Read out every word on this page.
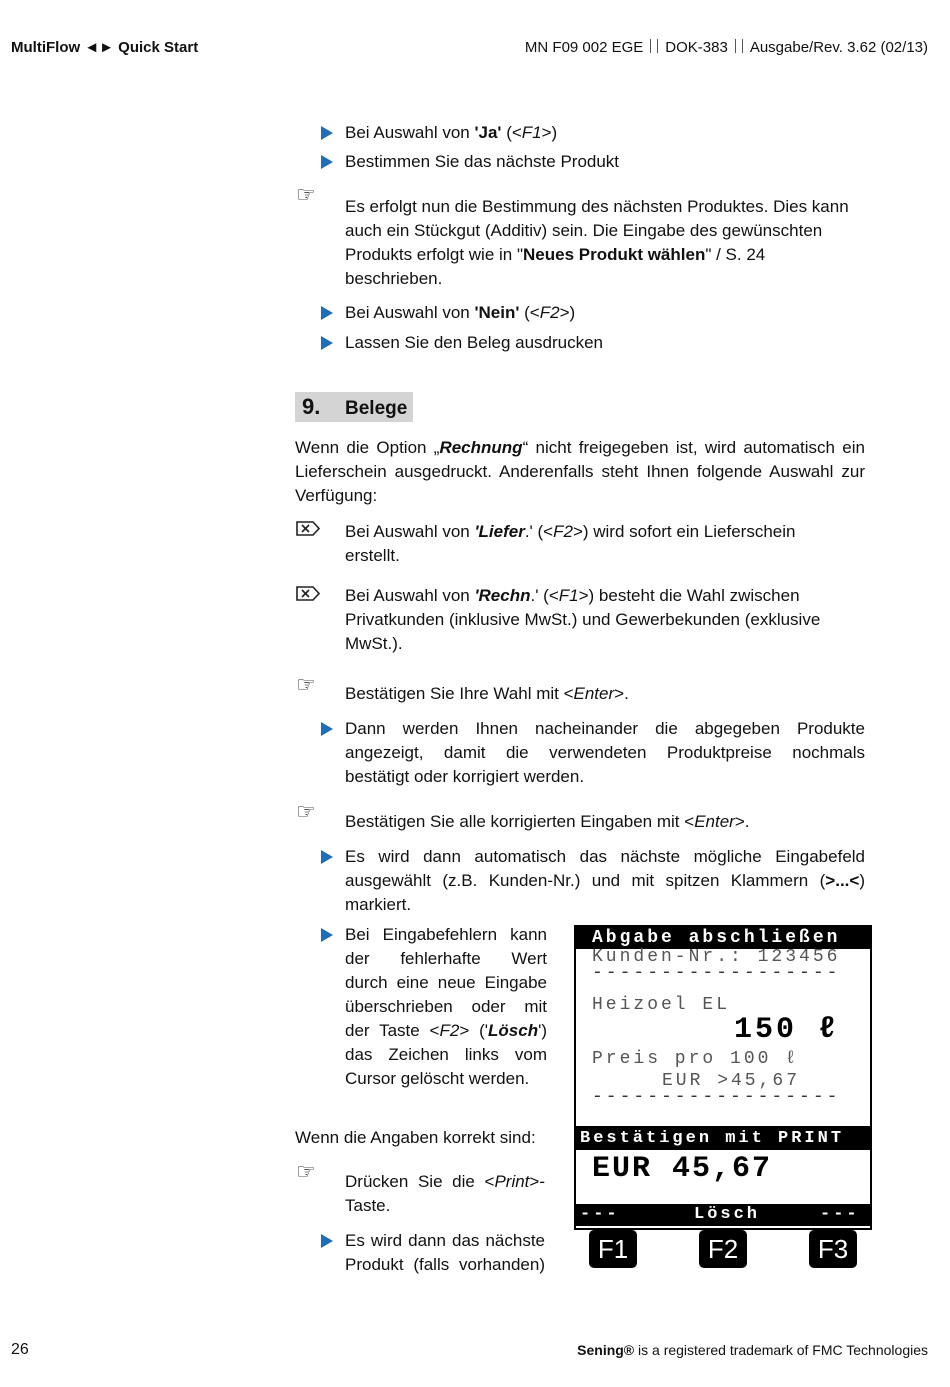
MultiFlow ◄► Quick Start	MN F09 002 EGE DOK-383 Ausgabe/Rev. 3.62 (02/13)
Bei Auswahl von 'Ja' (<F1>)
Bestimmen Sie das nächste Produkt
☞ Es erfolgt nun die Bestimmung des nächsten Produktes. Dies kann
auch ein Stückgut (Additiv) sein. Die Eingabe des gewünschten
Produkts erfolgt wie in "Neues Produkt wählen" / S. 24
beschrieben.
Bei Auswahl von 'Nein' (<F2>)
Lassen Sie den Beleg ausdrucken
9. Belege
Wenn die Option „Rechnung“ nicht freigegeben ist, wird automatisch ein
Lieferschein ausgedruckt. Anderenfalls steht Ihnen folgende Auswahl zur
Verfügung:
Bei Auswahl von 'Liefer.' (<F2>) wird sofort ein Lieferschein
erstellt.
Bei Auswahl von 'Rechn.' (<F1>) besteht die Wahl zwischen
Privatkunden (inklusive MwSt.) und Gewerbekunden (exklusive
MwSt.).
☞ Bestätigen Sie Ihre Wahl mit <Enter>.
Dann werden Ihnen nacheinander die abgegeben Produkte
angezeigt, damit die verwendeten Produktpreise nochmals
bestätigt oder korrigiert werden.
☞ Bestätigen Sie alle korrigierten Eingaben mit <Enter>.
Es wird dann automatisch das nächste mögliche Eingabefeld
ausgewählt (z.B. Kunden-Nr.) und mit spitzen Klammern (>...<)
markiert.
Bei Eingabefehlern kann
der fehlerhafte Wert
durch eine neue Eingabe
überschrieben oder mit
der Taste <F2> ('Lösch')
das Zeichen links vom
Cursor gelöscht werden.
Wenn die Angaben korrekt sind:
☞ Drücken Sie die <Print>-
Taste.
Es wird dann das nächste
Produkt (falls vorhanden)
Abgabe abschließen
Kunden-Nr.: 123456
------------------
Heizoel EL
150 ℓ
Preis pro 100 ℓ
EUR >45,67
------------------
Bestätigen mit PRINT
EUR 45,67
---	Lösch	---
F1	F2	F3
26	Sening® is a registered trademark of FMC Technologies
